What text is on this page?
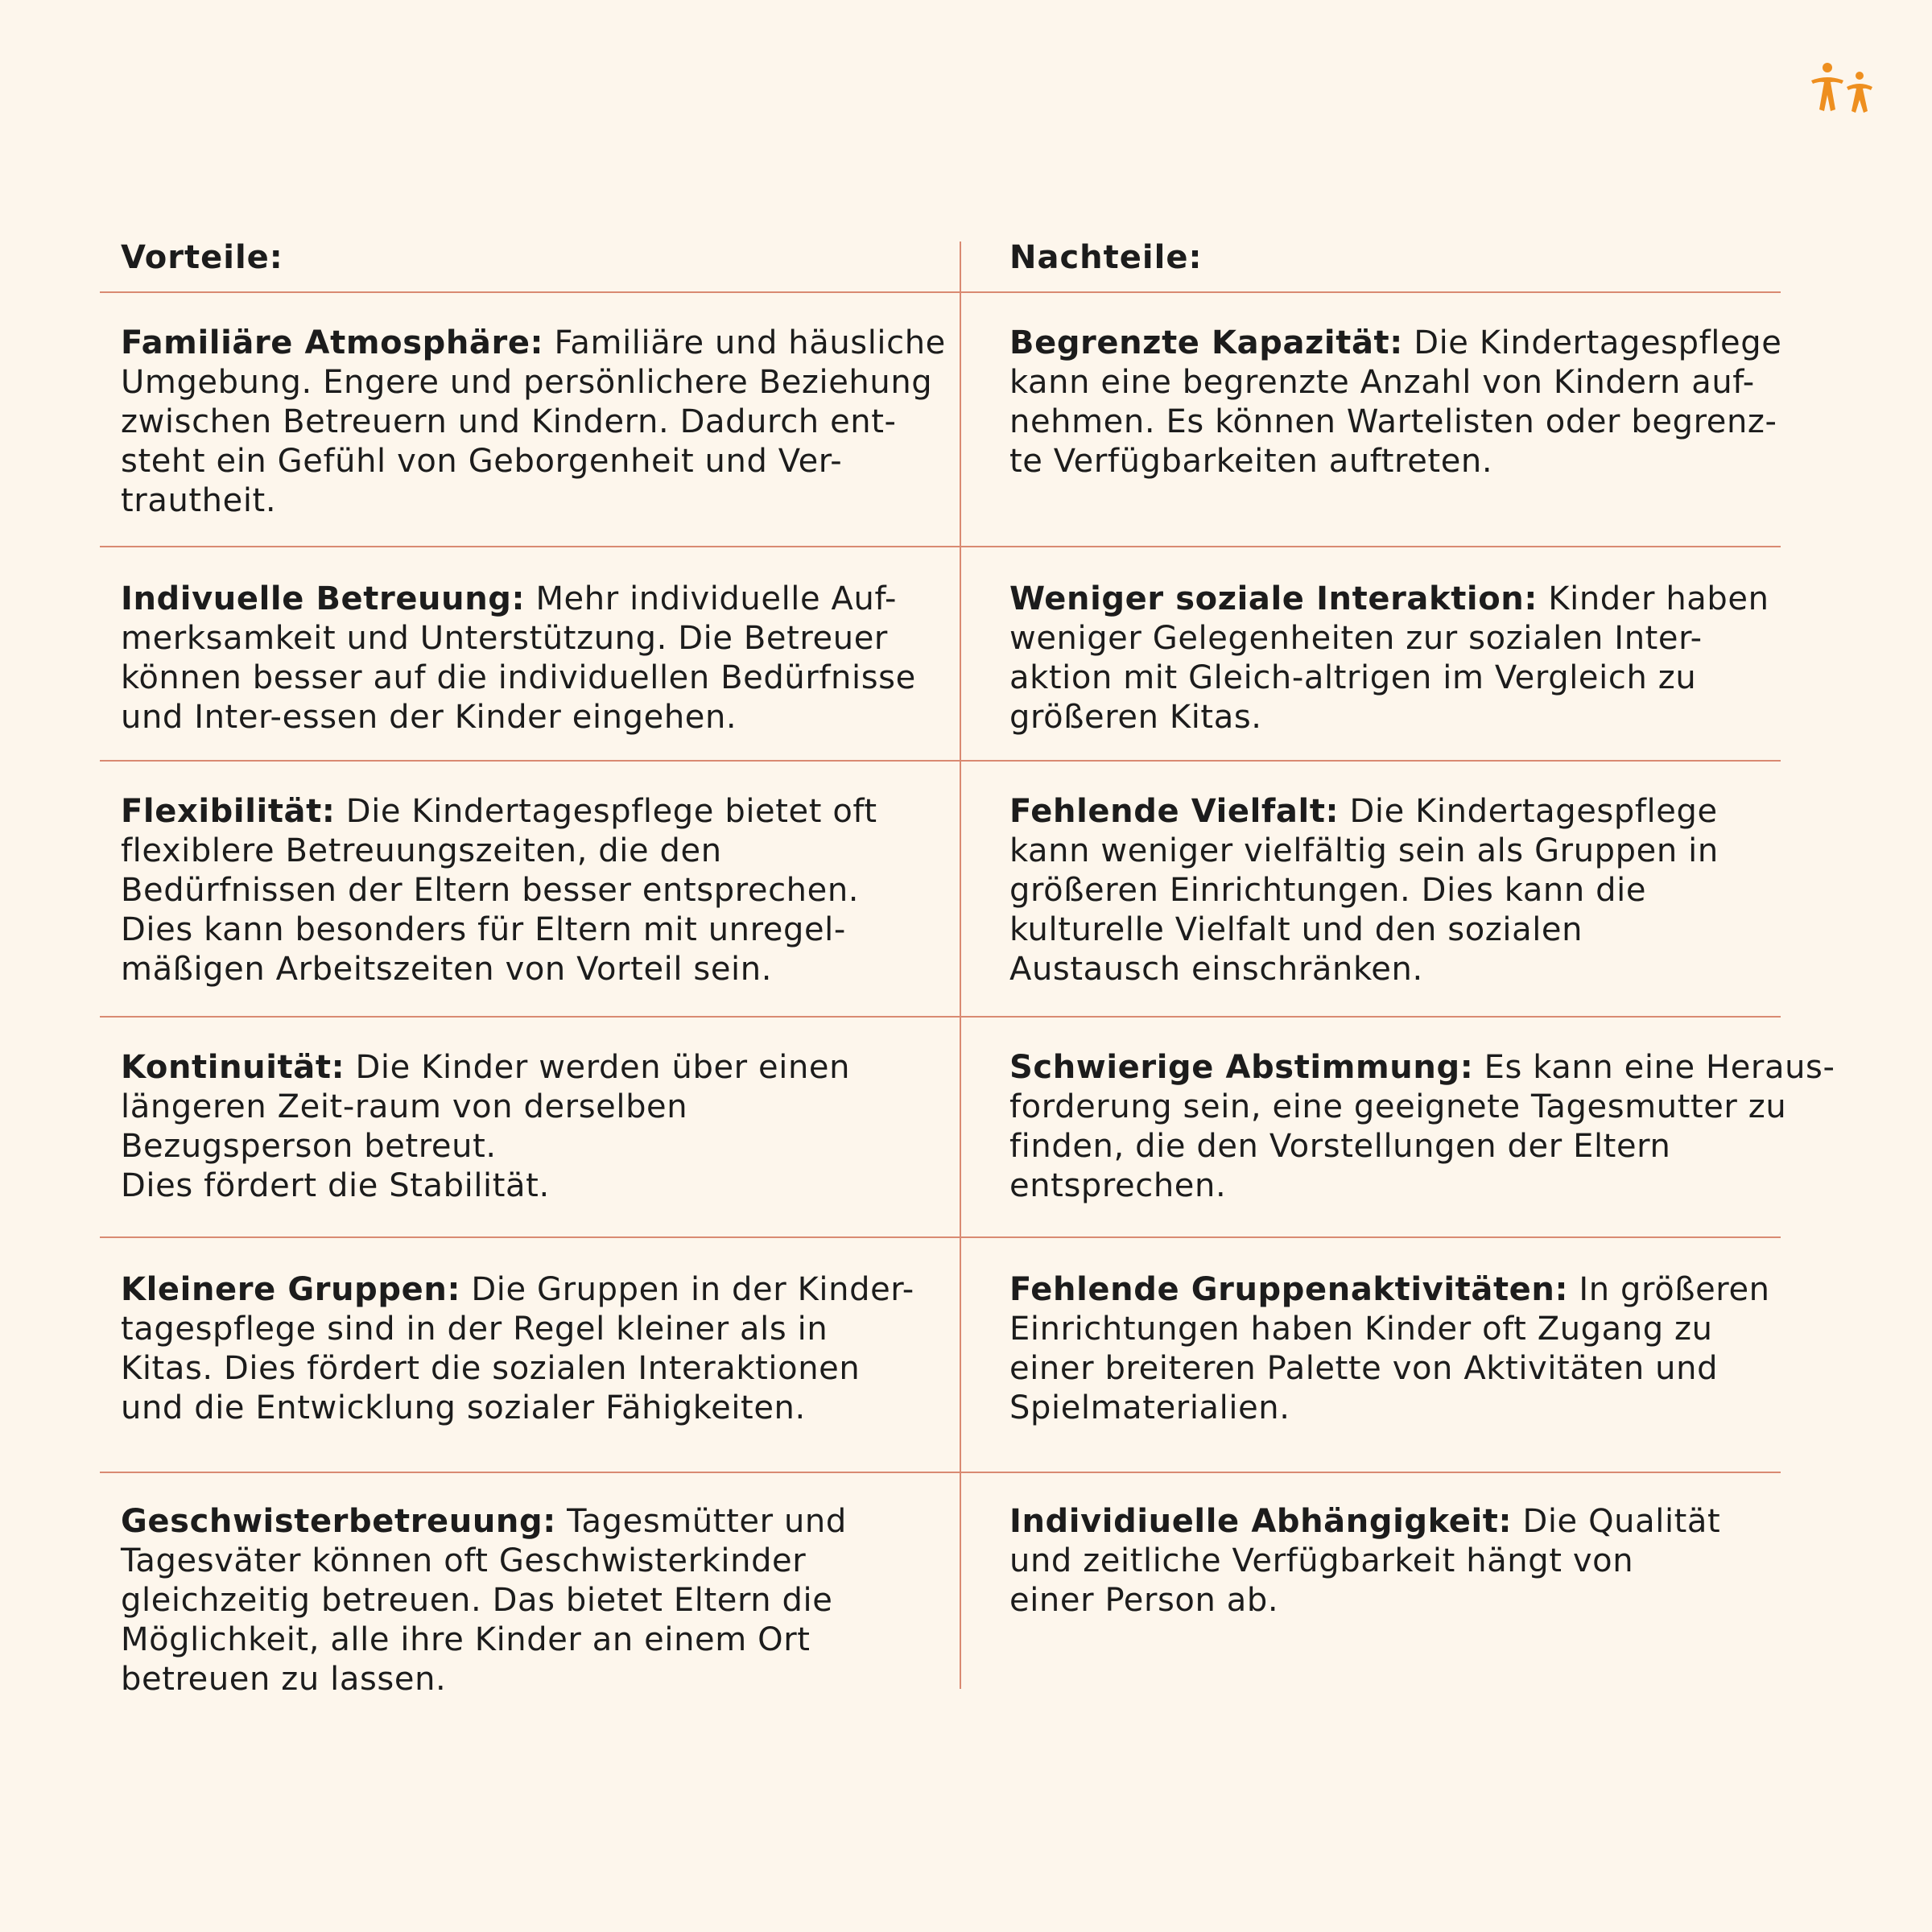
Vorteile:	Nachteile:
Familiäre Atmosphäre: Familiäre und häusliche
Umgebung. Engere und persönlichere Beziehung
zwischen Betreuern und Kindern. Dadurch ent-
steht ein Gefühl von Geborgenheit und Ver-
trautheit.
Begrenzte Kapazität: Die Kindertagespflege
kann eine begrenzte Anzahl von Kindern auf-
nehmen. Es können Wartelisten oder begrenz-
te Verfügbarkeiten auftreten.
Indivuelle Betreuung: Mehr individuelle Auf-
merksamkeit und Unterstützung. Die Betreuer
können besser auf die individuellen Bedürfnisse
und Inter-essen der Kinder eingehen.
Weniger soziale Interaktion: Kinder haben
weniger Gelegenheiten zur sozialen Inter-
aktion mit Gleich-altrigen im Vergleich zu
größeren Kitas.
Flexibilität: Die Kindertagespflege bietet oft
flexiblere Betreuungszeiten, die den
Bedürfnissen der Eltern besser entsprechen.
Dies kann besonders für Eltern mit unregel-
mäßigen Arbeitszeiten von Vorteil sein.
Fehlende Vielfalt: Die Kindertagespflege
kann weniger vielfältig sein als Gruppen in
größeren Einrichtungen. Dies kann die
kulturelle Vielfalt und den sozialen
Austausch einschränken.
Kontinuität: Die Kinder werden über einen
längeren Zeit-raum von derselben
Bezugsperson betreut.
Dies fördert die Stabilität.
Schwierige Abstimmung: Es kann eine Heraus-
forderung sein, eine geeignete Tagesmutter zu
finden, die den Vorstellungen der Eltern
entsprechen.
Kleinere Gruppen: Die Gruppen in der Kinder-
tagespflege sind in der Regel kleiner als in
Kitas. Dies fördert die sozialen Interaktionen
und die Entwicklung sozialer Fähigkeiten.
Fehlende Gruppenaktivitäten: In größeren
Einrichtungen haben Kinder oft Zugang zu
einer breiteren Palette von Aktivitäten und
Spielmaterialien.
Geschwisterbetreuung: Tagesmütter und
Tagesväter können oft Geschwisterkinder
gleichzeitig betreuen. Das bietet Eltern die
Möglichkeit, alle ihre Kinder an einem Ort
betreuen zu lassen.
Individiuelle Abhängigkeit: Die Qualität
und zeitliche Verfügbarkeit hängt von
einer Person ab.
